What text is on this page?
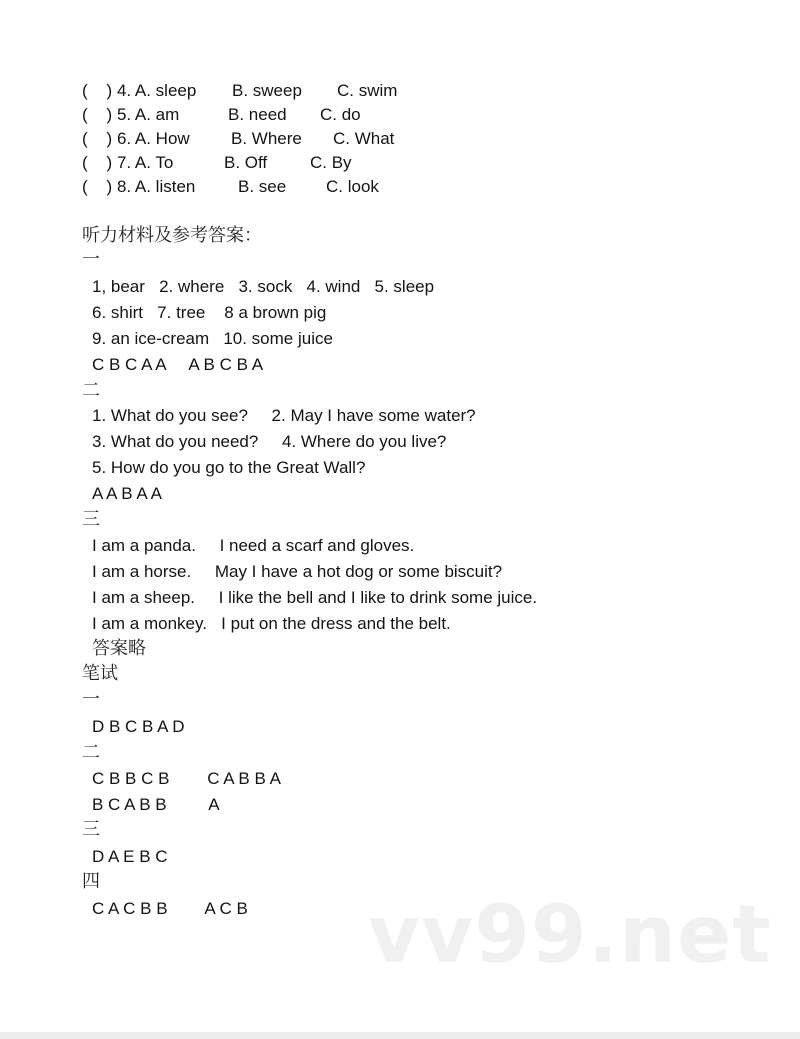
(    ) 4. A. sleep B. sweep C. swim
(    ) 5. A. am	B. need C. do
(    ) 6. A. How B. Where C. What
(    ) 7. A. To	B. Off	C. By
(    ) 8. A. listen	B. see C. look
听力材料及参考答案：
一
1, bear   2. where   3. sock   4. wind   5. sleep
6. shirt   7. tree    8 a brown pig
9. an ice-cream   10. some juice
C B C A A     A B C B A
二
1. What do you see?     2. May I have some water?
3. What do you need?     4. Where do you live?
5. How do you go to the Great Wall?
A A B A A
三
I am a panda.     I need a scarf and gloves.
I am a horse.     May I have a hot dog or some biscuit?
I am a sheep.     I like the bell and I like to drink some juice.
I am a monkey.   I put on the dress and the belt.
答案略
笔试
一
D B C B A D
二
C B B C B        C A B B A
B C A B B         A
三
D A E B C
四
C A C B B        A C B vv99.net
